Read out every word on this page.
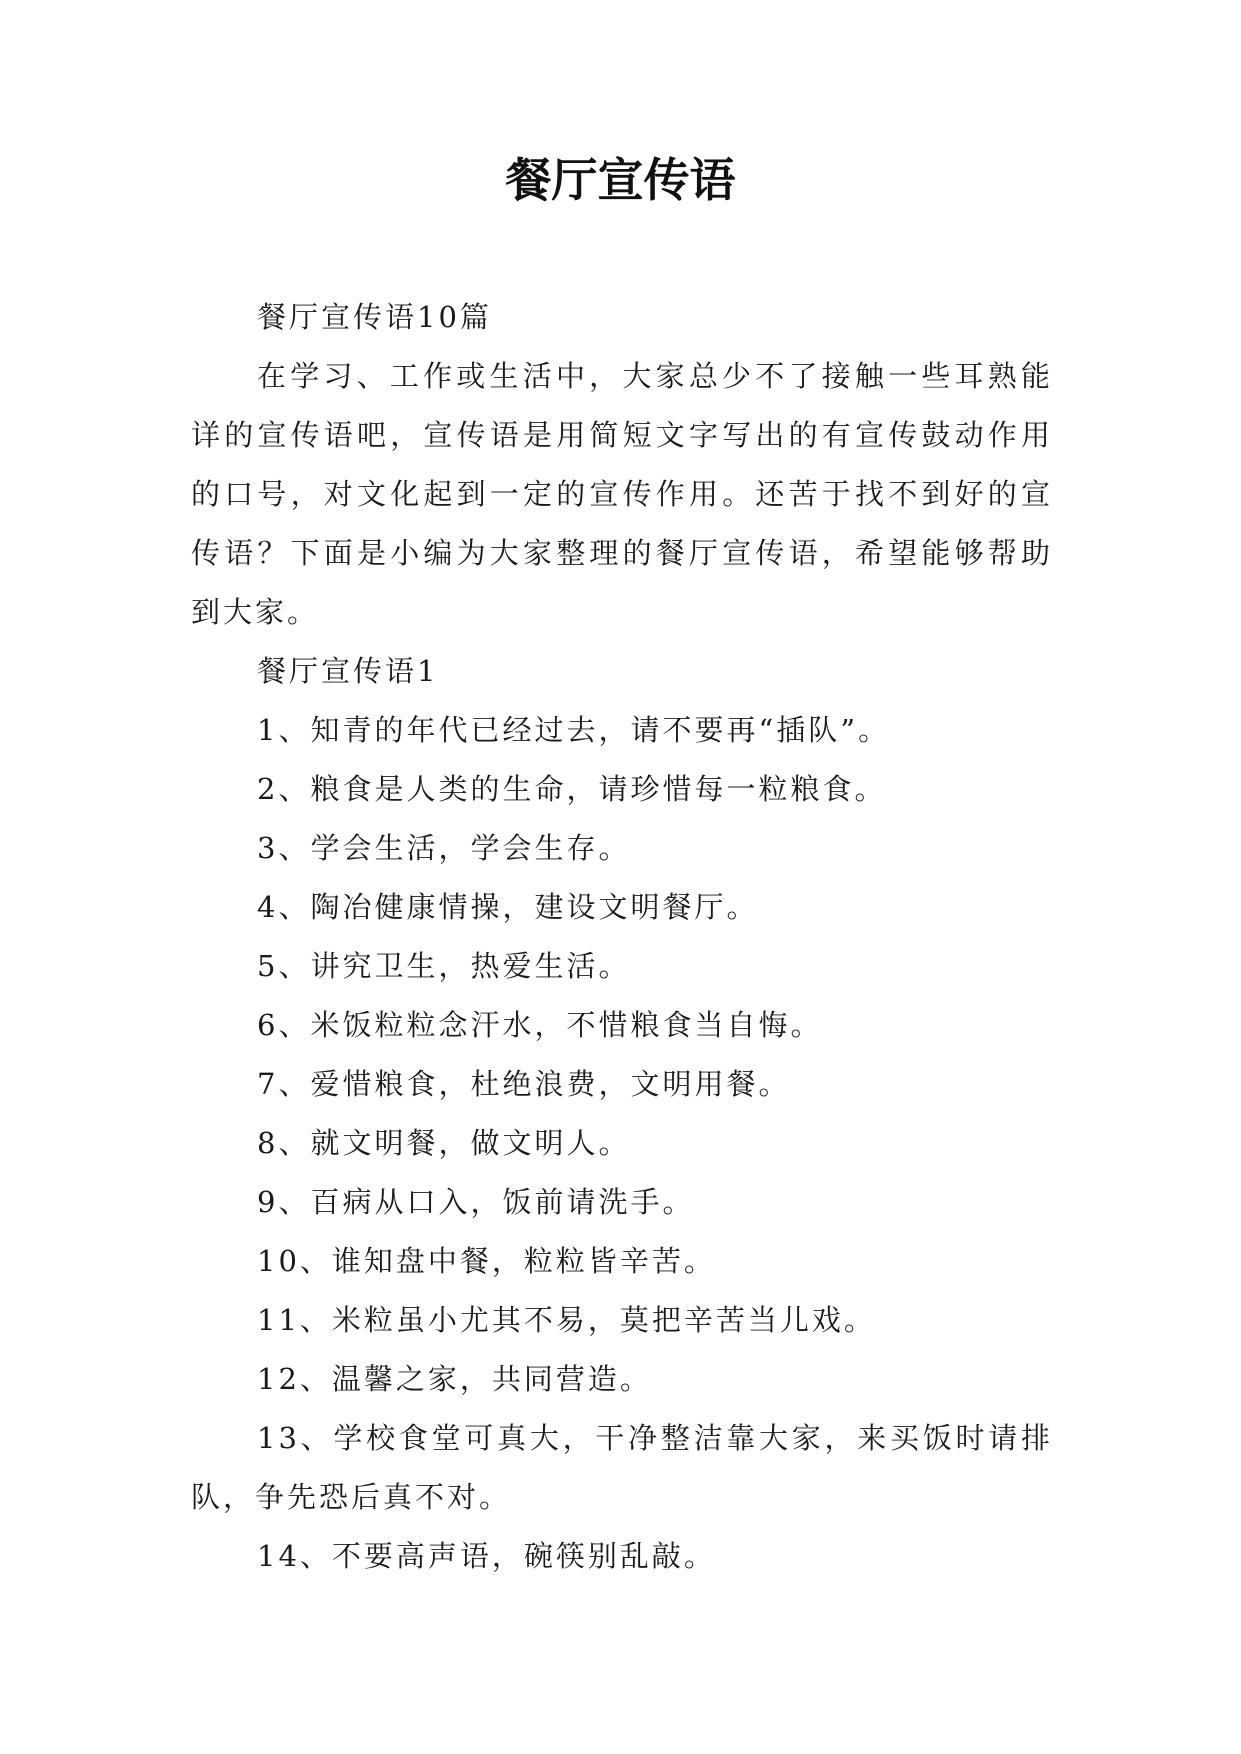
餐厅宣传语

餐厅宣传语10篇

在学习、工作或生活中，大家总少不了接触一些耳熟能详的宣传语吧，宣传语是用简短文字写出的有宣传鼓动作用的口号，对文化起到一定的宣传作用。还苦于找不到好的宣传语？下面是小编为大家整理的餐厅宣传语，希望能够帮助到大家。

餐厅宣传语1

1、知青的年代已经过去，请不要再“插队”。

2、粮食是人类的生命，请珍惜每一粒粮食。

3、学会生活，学会生存。

4、陶冶健康情操，建设文明餐厅。

5、讲究卫生，热爱生活。

6、米饭粒粒念汗水，不惜粮食当自悔。

7、爱惜粮食，杜绝浪费，文明用餐。

8、就文明餐，做文明人。

9、百病从口入，饭前请洗手。

10、谁知盘中餐，粒粒皆辛苦。

11、米粒虽小尤其不易，莫把辛苦当儿戏。

12、温馨之家，共同营造。

13、学校食堂可真大，干净整洁靠大家，来买饭时请排队，争先恐后真不对。

14、不要高声语，碗筷别乱敲。
